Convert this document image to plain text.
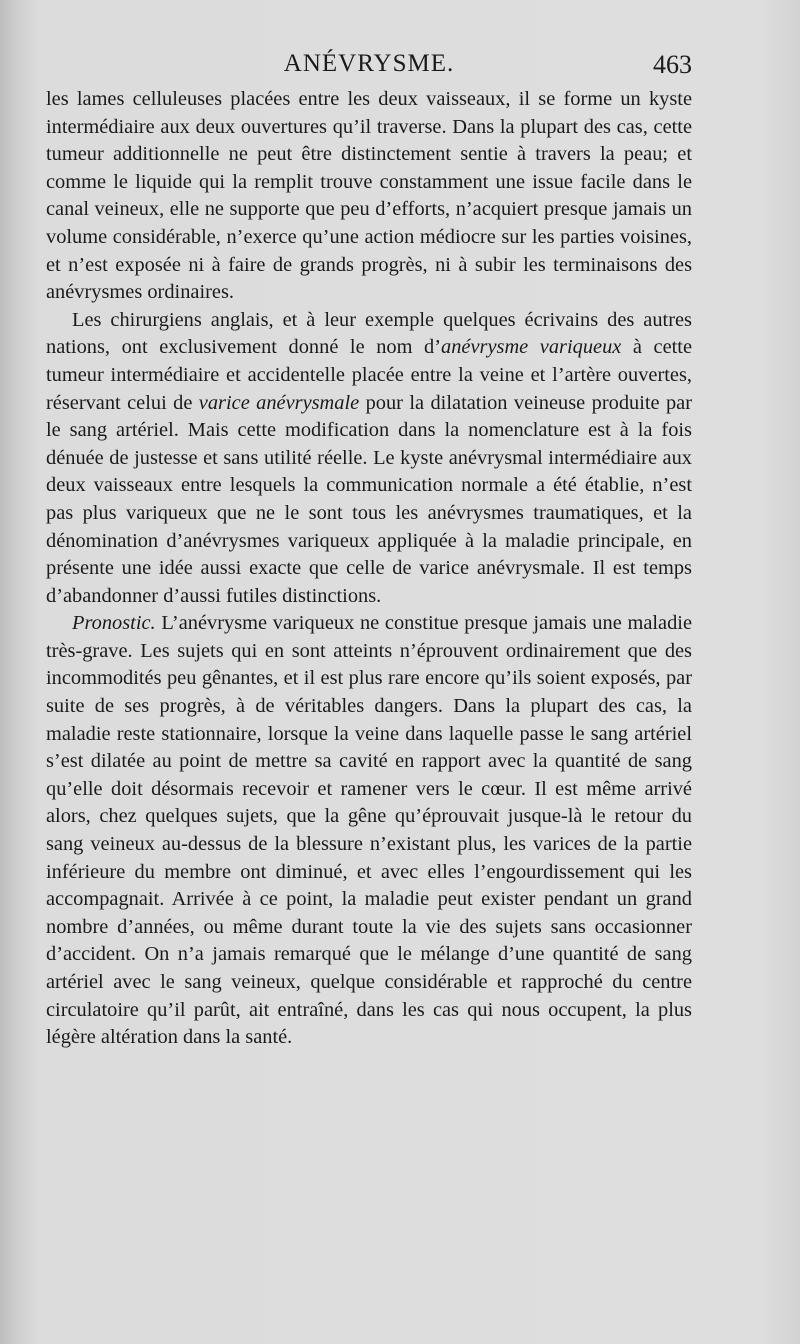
ANÉVRYSME.	463

les lames celluleuses placées entre les deux vaisseaux, il se forme un kyste intermédiaire aux deux ouvertures qu’il traverse. Dans la plupart des cas, cette tumeur additionnelle ne peut être distinctement sentie à travers la peau; et comme le liquide qui la remplit trouve constamment une issue facile dans le canal veineux, elle ne supporte que peu d’efforts, n’acquiert presque jamais un volume considérable, n’exerce qu’une action médiocre sur les parties voisines, et n’est exposée ni à faire de grands progrès, ni à subir les terminaisons des anévrysmes ordinaires.

Les chirurgiens anglais, et à leur exemple quelques écrivains des autres nations, ont exclusivement donné le nom d’anévrysme variqueux à cette tumeur intermédiaire et accidentelle placée entre la veine et l’artère ouvertes, réservant celui de varice anévrysmale pour la dilatation veineuse produite par le sang artériel. Mais cette modification dans la nomenclature est à la fois dénuée de justesse et sans utilité réelle. Le kyste anévrysmal intermédiaire aux deux vaisseaux entre lesquels la communication normale a été établie, n’est pas plus variqueux que ne le sont tous les anévrysmes traumatiques, et la dénomination d’anévrysmes variqueux appliquée à la maladie principale, en présente une idée aussi exacte que celle de varice anévrysmale. Il est temps d’abandonner d’aussi futiles distinctions.

Pronostic. L’anévrysme variqueux ne constitue presque jamais une maladie très-grave. Les sujets qui en sont atteints n’éprouvent ordinairement que des incommodités peu gênantes, et il est plus rare encore qu’ils soient exposés, par suite de ses progrès, à de véritables dangers. Dans la plupart des cas, la maladie reste stationnaire, lorsque la veine dans laquelle passe le sang artériel s’est dilatée au point de mettre sa cavité en rapport avec la quantité de sang qu’elle doit désormais recevoir et ramener vers le cœur. Il est même arrivé alors, chez quelques sujets, que la gêne qu’éprouvait jusque-là le retour du sang veineux au-dessus de la blessure n’existant plus, les varices de la partie inférieure du membre ont diminué, et avec elles l’engourdissement qui les accompagnait. Arrivée à ce point, la maladie peut exister pendant un grand nombre d’années, ou même durant toute la vie des sujets sans occasionner d’accident. On n’a jamais remarqué que le mélange d’une quantité de sang artériel avec le sang veineux, quelque considérable et rapproché du centre circulatoire qu’il parût, ait entraîné, dans les cas qui nous occupent, la plus légère altération dans la santé.
